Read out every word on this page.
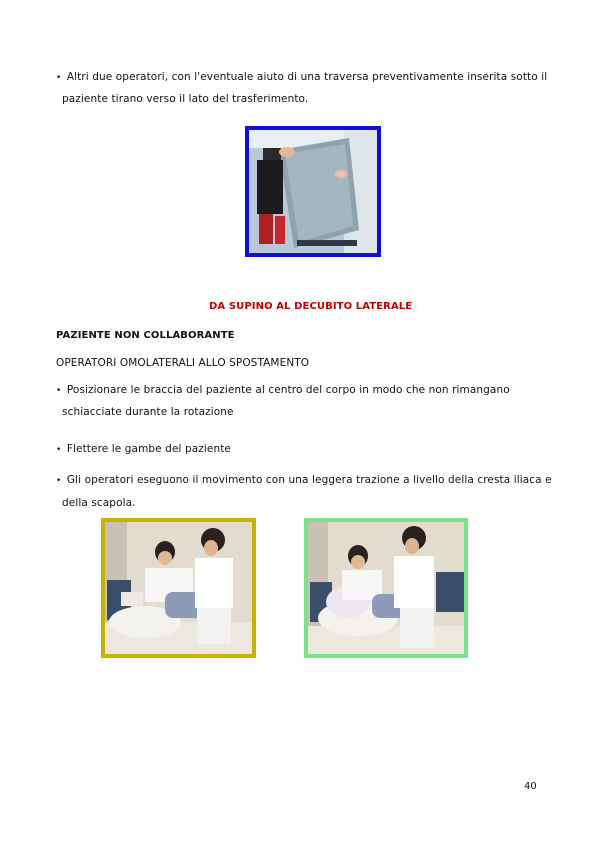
• Altri due operatori, con l'eventuale aiuto di una traversa preventivamente inserita sotto il
paziente tirano verso il lato del trasferimento.
DA SUPINO AL DECUBITO LATERALE
PAZIENTE NON COLLABORANTE
OPERATORI OMOLATERALI ALLO SPOSTAMENTO
• Posizionare le braccia del paziente al centro del corpo in modo che non rimangano
schiacciate durante la rotazione
• Flettere le gambe del paziente
• Gli operatori eseguono il movimento con una leggera trazione a livello della cresta iliaca e
della scapola.
40
